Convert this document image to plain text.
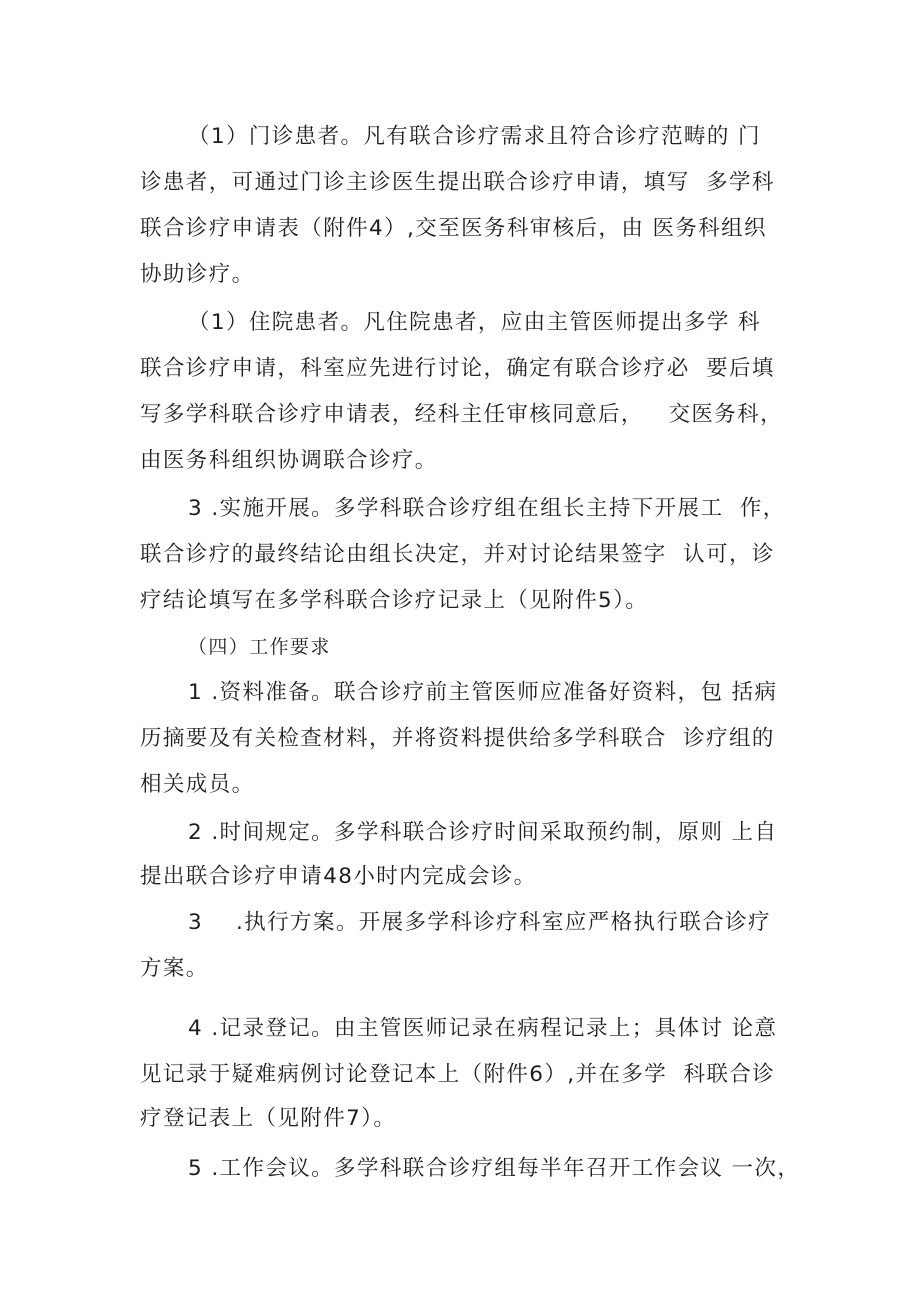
（1）门诊患者。凡有联合诊疗需求且符合诊疗范畴的 门
诊患者，可通过门诊主诊医生提出联合诊疗申请，填写  多学科
联合诊疗申请表（附件4）,交至医务科审核后，由 医务科组织
协助诊疗。
（1）住院患者。凡住院患者，应由主管医师提出多学 科
联合诊疗申请，科室应先进行讨论，确定有联合诊疗必  要后填
写多学科联合诊疗申请表，经科主任审核同意后，   交医务科，
由医务科组织协调联合诊疗。
3 .实施开展。多学科联合诊疗组在组长主持下开展工  作，
联合诊疗的最终结论由组长决定，并对讨论结果签字  认可，诊
疗结论填写在多学科联合诊疗记录上（见附件5）。
（四）工作要求
1 .资料准备。联合诊疗前主管医师应准备好资料，包 括病
历摘要及有关检查材料，并将资料提供给多学科联合  诊疗组的
相关成员。
2 .时间规定。多学科联合诊疗时间采取预约制，原则 上自
提出联合诊疗申请48小时内完成会诊。
3    .执行方案。开展多学科诊疗科室应严格执行联合诊疗
方案。
4 .记录登记。由主管医师记录在病程记录上；具体讨 论意
见记录于疑难病例讨论登记本上（附件6）,并在多学  科联合诊
疗登记表上（见附件7）。
5 .工作会议。多学科联合诊疗组每半年召开工作会议 一次，
